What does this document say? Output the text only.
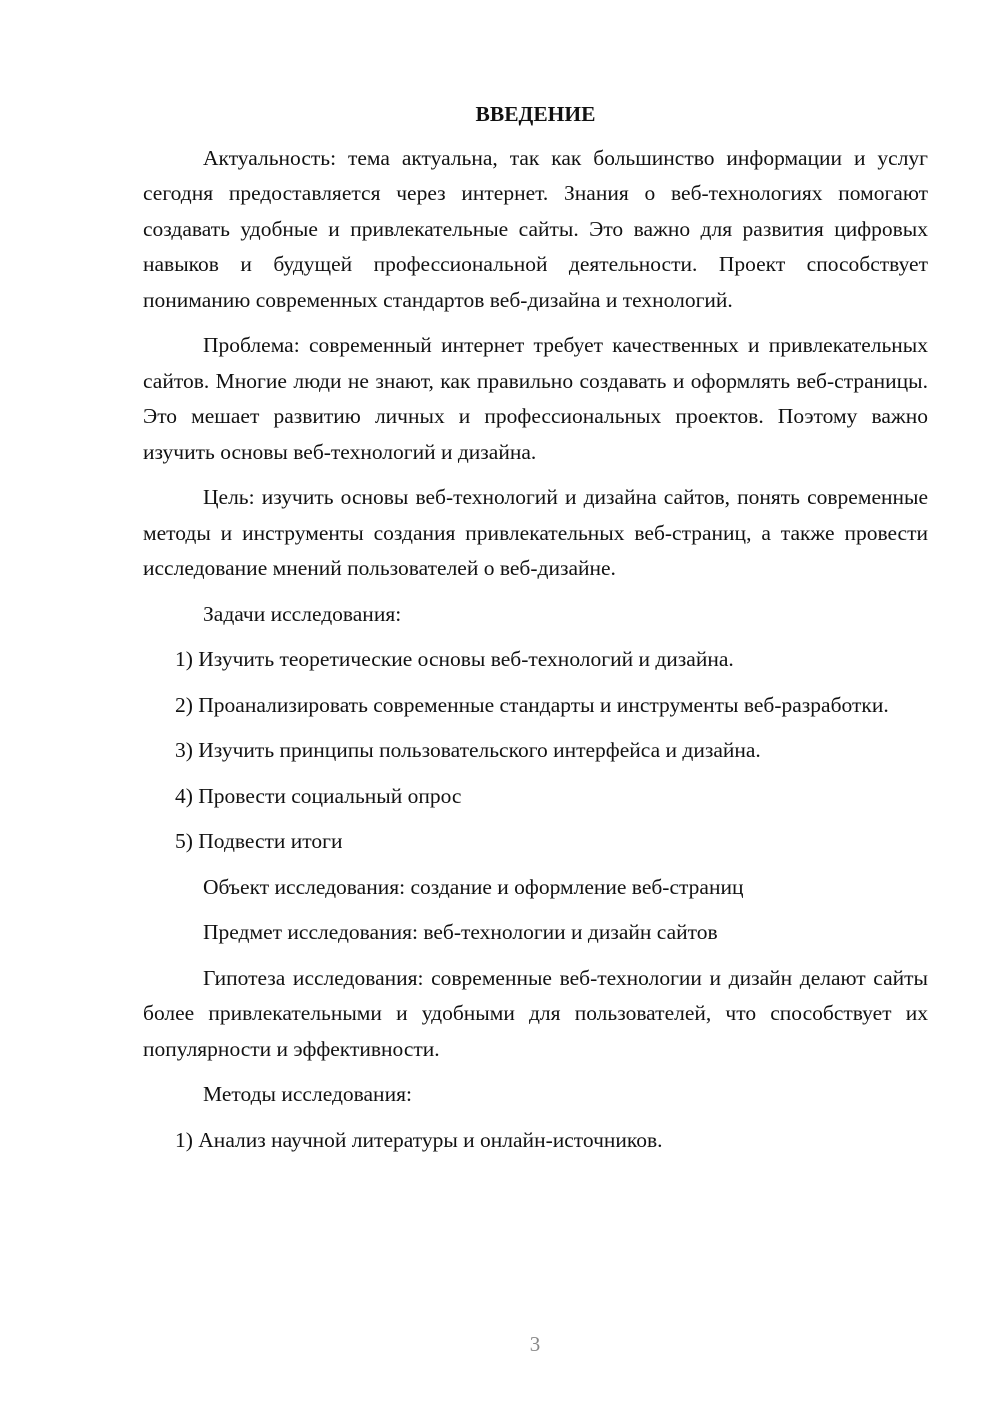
ВВЕДЕНИЕ

Актуальность: тема актуальна, так как большинство информации и услуг сегодня предоставляется через интернет. Знания о веб-технологиях помогают создавать удобные и привлекательные сайты. Это важно для развития цифровых навыков и будущей профессиональной деятельности. Проект способствует пониманию современных стандартов веб-дизайна и технологий.

Проблема: современный интернет требует качественных и привлекательных сайтов. Многие люди не знают, как правильно создавать и оформлять веб-страницы. Это мешает развитию личных и профессиональных проектов. Поэтому важно изучить основы веб-технологий и дизайна.

Цель: изучить основы веб-технологий и дизайна сайтов, понять современные методы и инструменты создания привлекательных веб-страниц, а также провести исследование мнений пользователей о веб-дизайне.

Задачи исследования:

1) Изучить теоретические основы веб-технологий и дизайна.

2) Проанализировать современные стандарты и инструменты веб-разработки.

3) Изучить принципы пользовательского интерфейса и дизайна.

4) Провести социальный опрос

5) Подвести итоги

Объект исследования: создание и оформление веб-страниц
Предмет исследования: веб-технологии и дизайн сайтов

Гипотеза исследования: современные веб-технологии и дизайн делают сайты более привлекательными и удобными для пользователей, что способствует их популярности и эффективности.

Методы исследования:

1) Анализ научной литературы и онлайн-источников.

3
